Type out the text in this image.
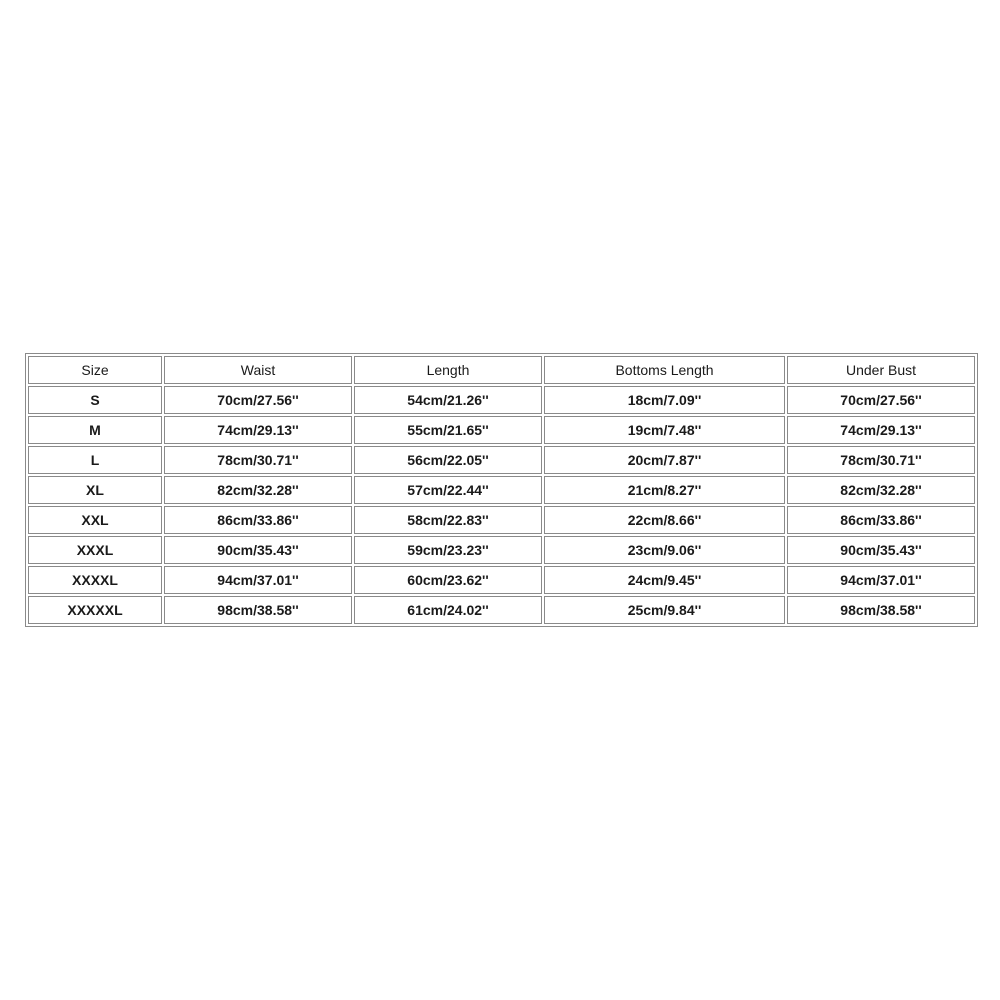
Size	Waist	Length	Bottoms Length	Under Bust
S	70cm/27.56''	54cm/21.26''	18cm/7.09''	70cm/27.56''
M	74cm/29.13''	55cm/21.65''	19cm/7.48''	74cm/29.13''
L	78cm/30.71''	56cm/22.05''	20cm/7.87''	78cm/30.71''
XL	82cm/32.28''	57cm/22.44''	21cm/8.27''	82cm/32.28''
XXL	86cm/33.86''	58cm/22.83''	22cm/8.66''	86cm/33.86''
XXXL	90cm/35.43''	59cm/23.23''	23cm/9.06''	90cm/35.43''
XXXXL	94cm/37.01''	60cm/23.62''	24cm/9.45''	94cm/37.01''
XXXXXL	98cm/38.58''	61cm/24.02''	25cm/9.84''	98cm/38.58''
